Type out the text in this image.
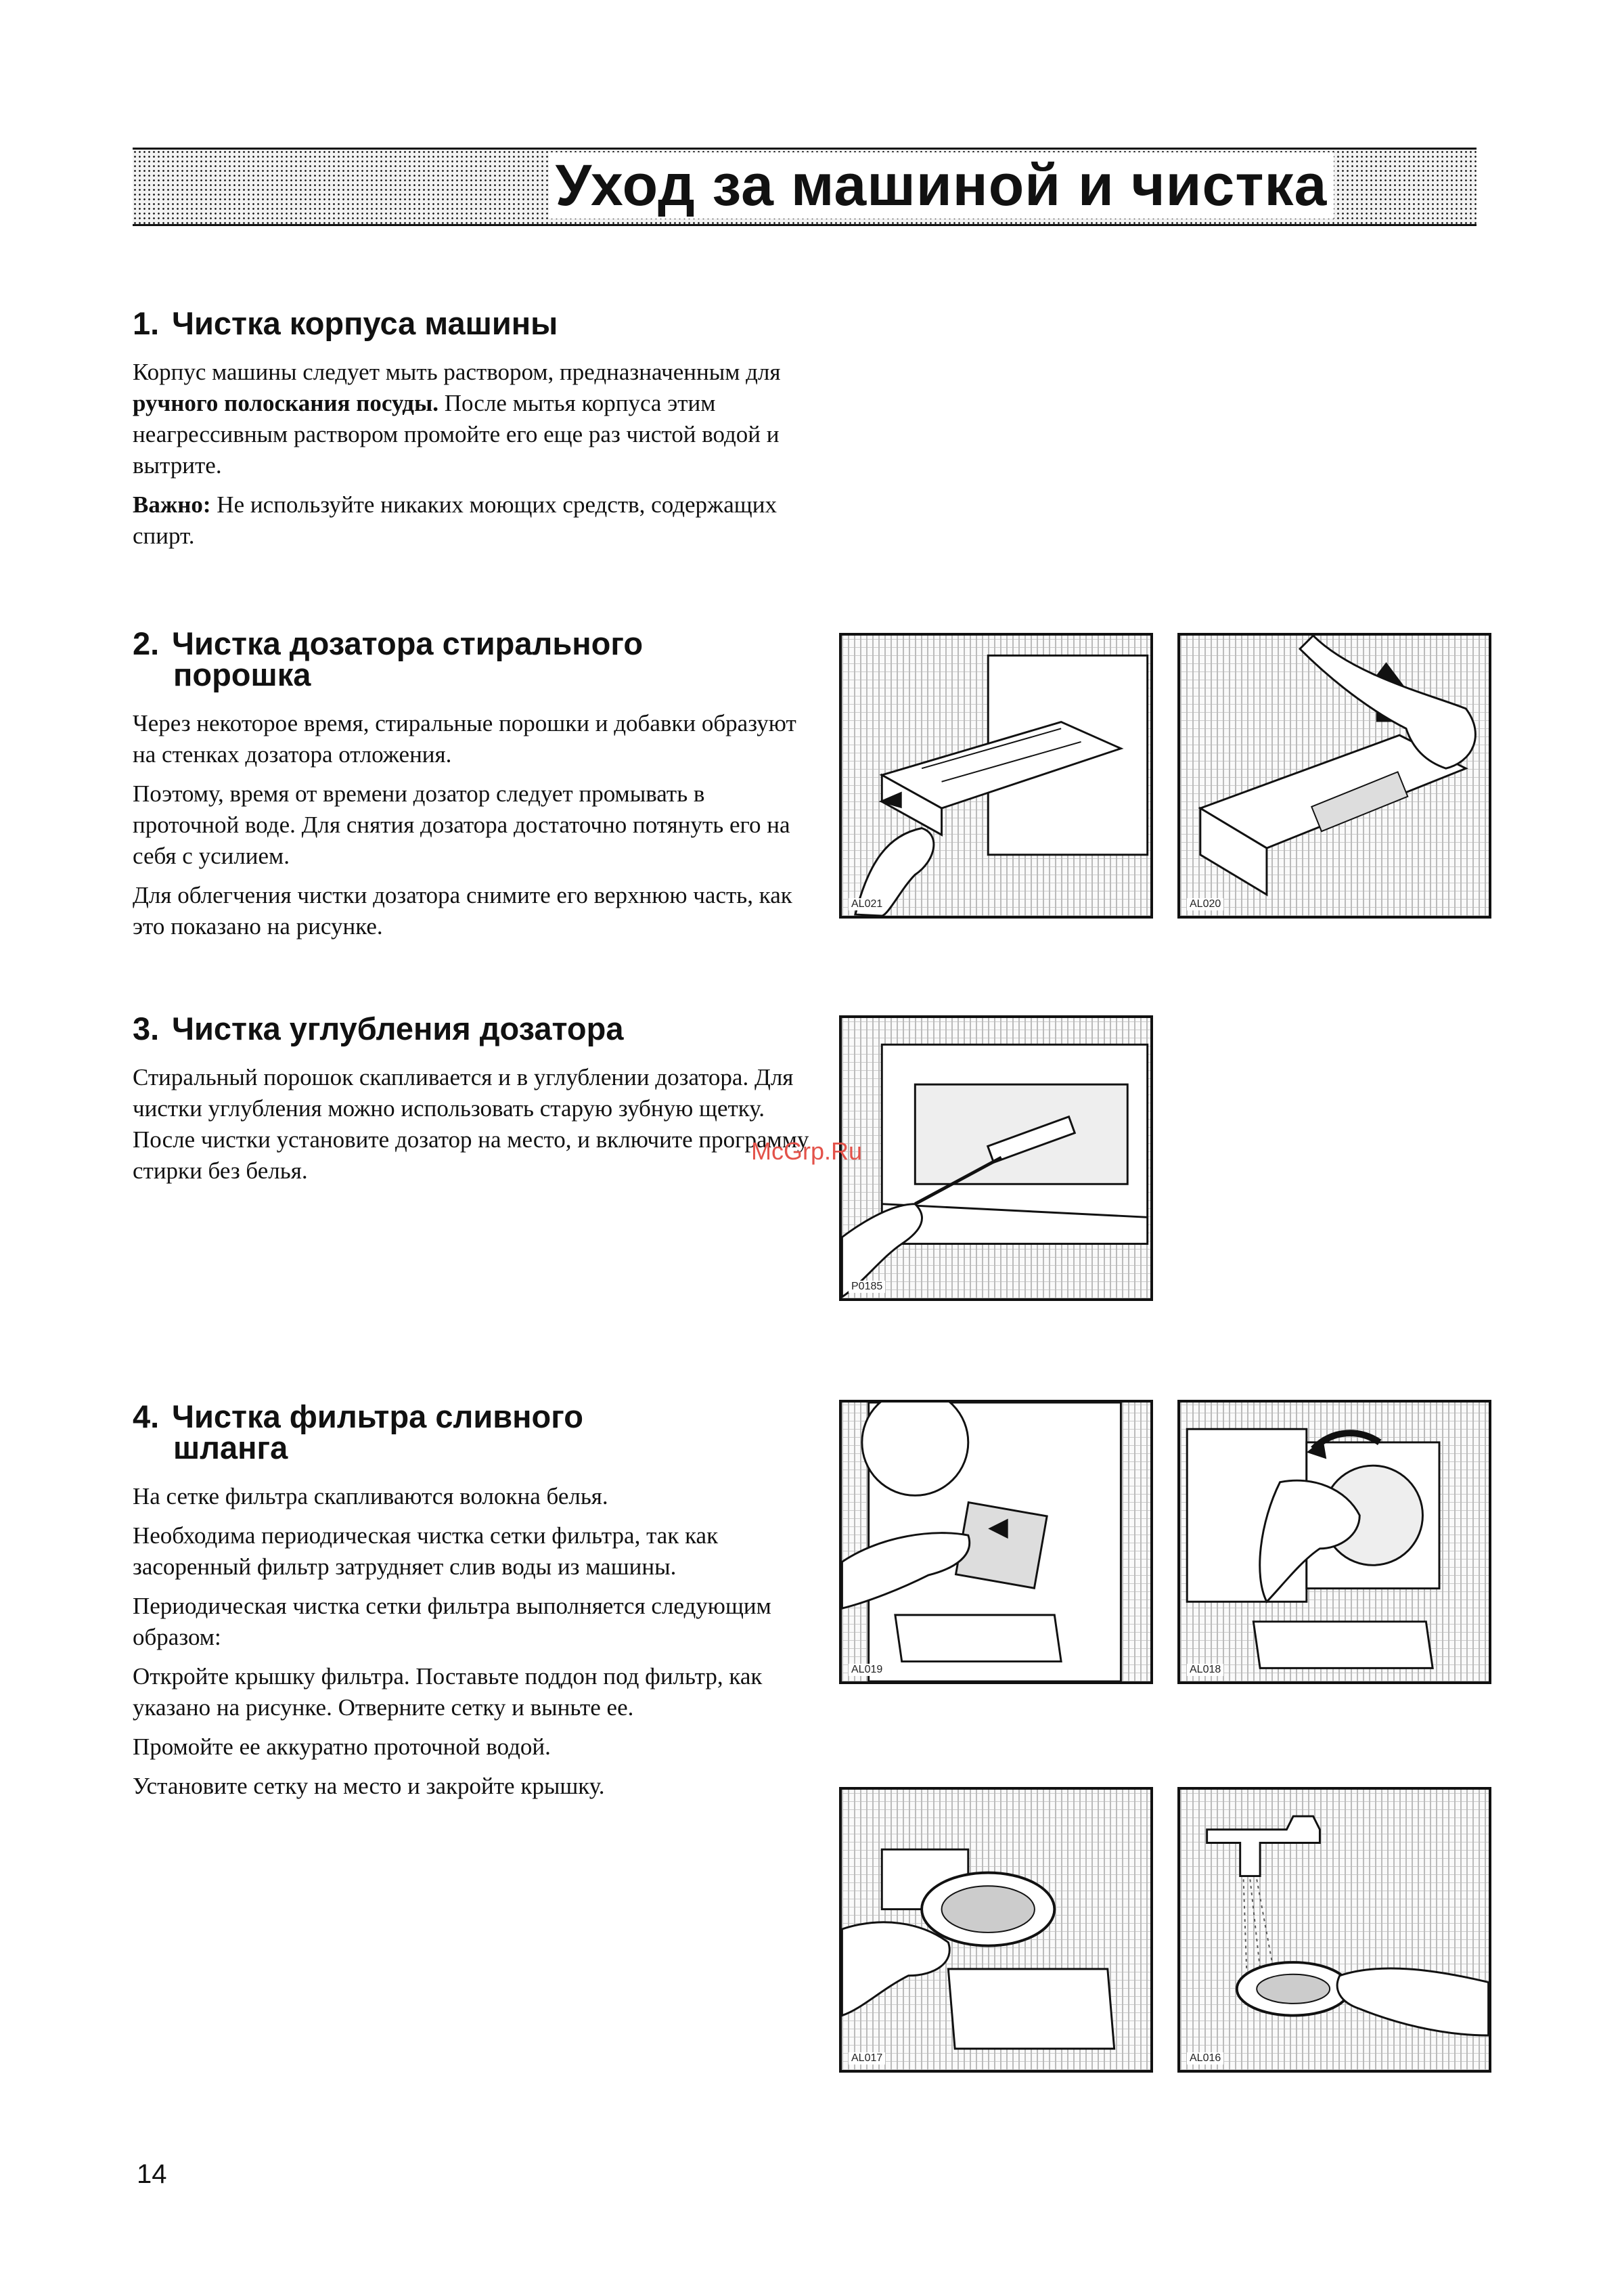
Уход за машиной и чистка
1. Чистка корпуса машины

Корпус машины следует мыть раствором, предназначенным для ручного полоскания посуды. После мытья корпуса этим неагрессивным раствором промойте его еще раз чистой водой и вытрите.

Важно: Не используйте никаких моющих средств, содержащих спирт.

2. Чистка дозатора стирального
порошка

Через некоторое время, стиральные порошки и добавки образуют на стенках дозатора отложения.

Поэтому, время от времени дозатор следует промывать в проточной воде. Для снятия дозатора достаточно потянуть его на себя с усилием.

Для облегчения чистки дозатора снимите его верхнюю часть, как это показано на рисунке.

3. Чистка углубления дозатора

Стиральный порошок скапливается и в углублении дозатора. Для чистки углубления можно использовать старую зубную щетку. После чистки установите дозатор на место, и включите программу стирки без белья.

4. Чистка фильтра сливного
шланга

На сетке фильтра скапливаются волокна белья.

Необходима периодическая чистка сетки фильтра, так как засоренный фильтр затрудняет слив воды из машины.

Периодическая чистка сетки фильтра выполняется следующим образом:

Откройте крышку фильтра. Поставьте поддон под фильтр, как указано на рисунке. Отверните сетку и выньте ее.

Промойте ее аккуратно проточной водой.

Установите сетку на место и закройте крышку.

AL021	AL020
P0185
AL019	AL018
AL017	AL016
McGrp.Ru
14
